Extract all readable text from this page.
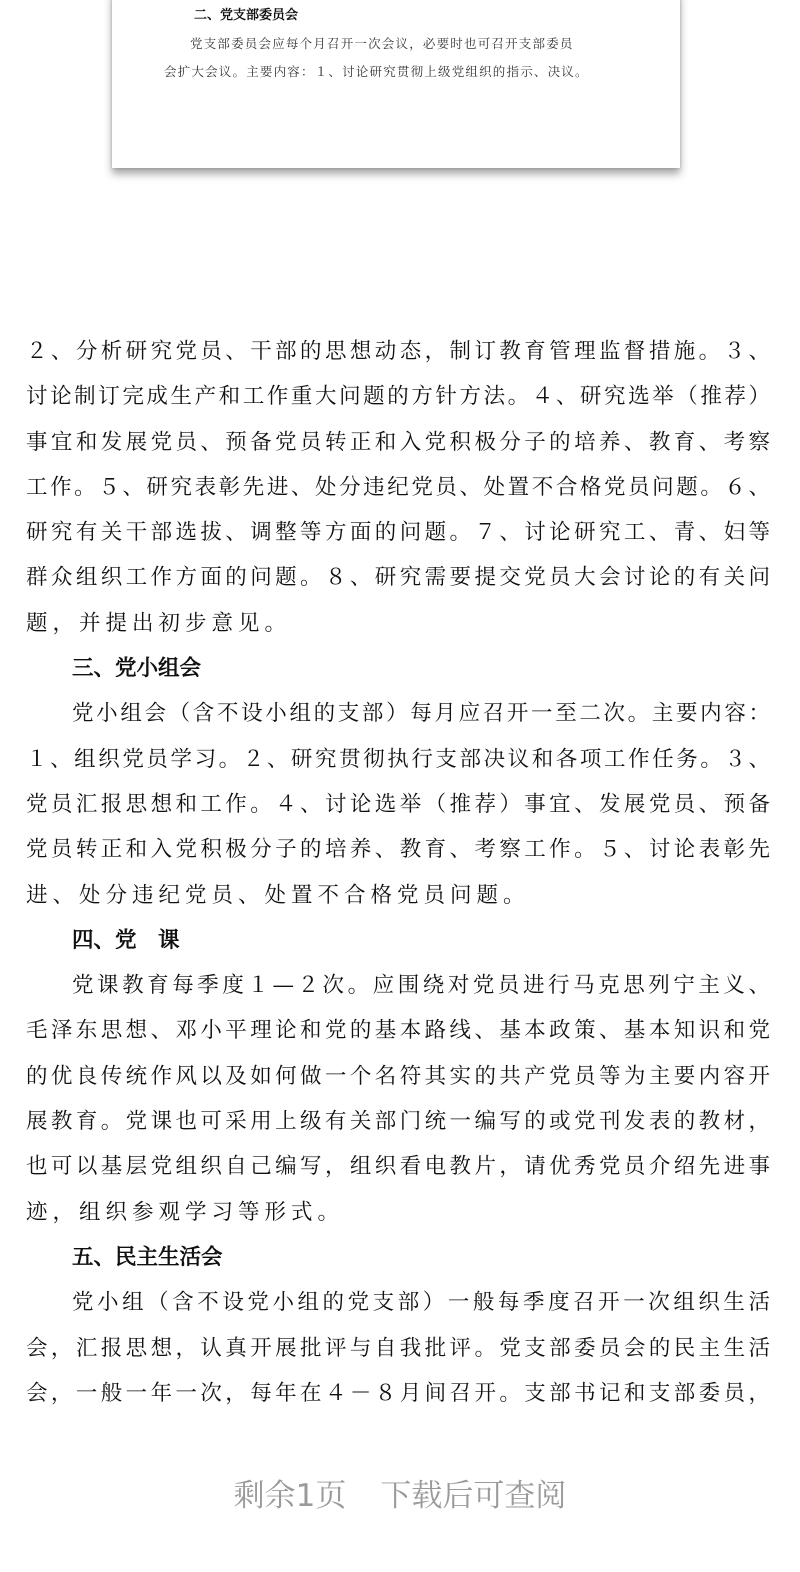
二、党支部委员会
党支部委员会应每个月召开一次会议，必要时也可召开支部委员
会扩大会议。主要内容：１、讨论研究贯彻上级党组织的指示、决议。
２、分析研究党员、干部的思想动态，制订教育管理监督措施。３、
讨论制订完成生产和工作重大问题的方针方法。４、研究选举（推荐）
事宜和发展党员、预备党员转正和入党积极分子的培养、教育、考察
工作。５、研究表彰先进、处分违纪党员、处置不合格党员问题。６、
研究有关干部选拔、调整等方面的问题。７、讨论研究工、青、妇等
群众组织工作方面的问题。８、研究需要提交党员大会讨论的有关问
题，并提出初步意见。
三、党小组会
党小组会（含不设小组的支部）每月应召开一至二次。主要内容：
１、组织党员学习。２、研究贯彻执行支部决议和各项工作任务。３、
党员汇报思想和工作。４、讨论选举（推荐）事宜、发展党员、预备
党员转正和入党积极分子的培养、教育、考察工作。５、讨论表彰先
进、处分违纪党员、处置不合格党员问题。
四、党　课
党课教育每季度１—２次。应围绕对党员进行马克思列宁主义、
毛泽东思想、邓小平理论和党的基本路线、基本政策、基本知识和党
的优良传统作风以及如何做一个名符其实的共产党员等为主要内容开
展教育。党课也可采用上级有关部门统一编写的或党刊发表的教材，
也可以基层党组织自己编写，组织看电教片，请优秀党员介绍先进事
迹，组织参观学习等形式。
五、民主生活会
党小组（含不设党小组的党支部）一般每季度召开一次组织生活
会，汇报思想，认真开展批评与自我批评。党支部委员会的民主生活
会，一般一年一次，每年在４－８月间召开。支部书记和支部委员，
剩余1页 下载后可查阅
